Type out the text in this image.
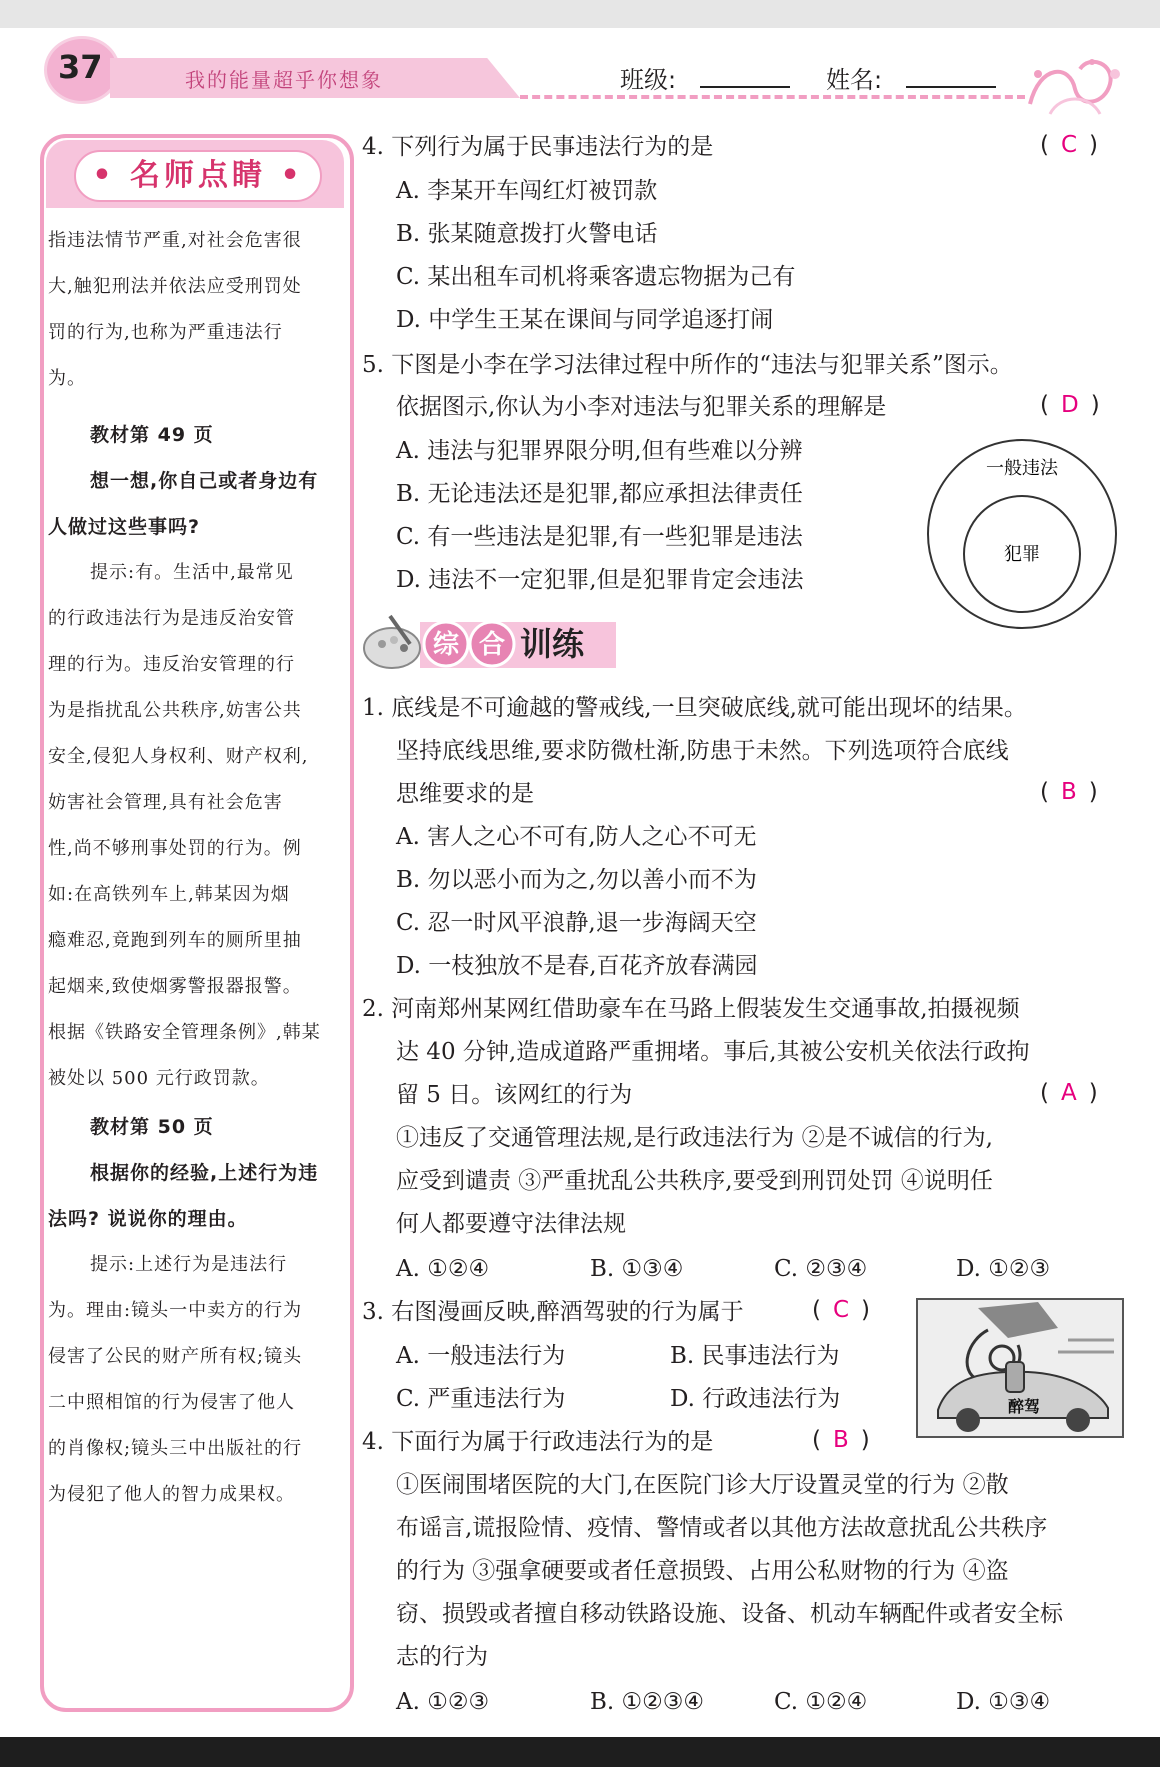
37	我的能量超乎你想象	班级:	姓名:
• 名师点睛 •
指违法情节严重,对社会危害很
大,触犯刑法并依法应受刑罚处
罚的行为,也称为严重违法行
为。
教材第 49 页
想一想,你自己或者身边有
人做过这些事吗?
提示:有。生活中,最常见
的行政违法行为是违反治安管
理的行为。违反治安管理的行
为是指扰乱公共秩序,妨害公共
安全,侵犯人身权利、财产权利,
妨害社会管理,具有社会危害
性,尚不够刑事处罚的行为。例
如:在高铁列车上,韩某因为烟
瘾难忍,竟跑到列车的厕所里抽
起烟来,致使烟雾警报器报警。
根据《铁路安全管理条例》,韩某
被处以 500 元行政罚款。
教材第 50 页
根据你的经验,上述行为违
法吗? 说说你的理由。
提示:上述行为是违法行
为。理由:镜头一中卖方的行为
侵害了公民的财产所有权;镜头
二中照相馆的行为侵害了他人
的肖像权;镜头三中出版社的行
为侵犯了他人的智力成果权。
4. 下列行为属于民事违法行为的是	( C )
A. 李某开车闯红灯被罚款
B. 张某随意拨打火警电话
C. 某出租车司机将乘客遗忘物据为己有
D. 中学生王某在课间与同学追逐打闹
5. 下图是小李在学习法律过程中所作的“违法与犯罪关系”图示。
依据图示,你认为小李对违法与犯罪关系的理解是	( D )
A. 违法与犯罪界限分明,但有些难以分辨
B. 无论违法还是犯罪,都应承担法律责任
C. 有一些违法是犯罪,有一些犯罪是违法
D. 违法不一定犯罪,但是犯罪肯定会违法
一般违法
犯罪
综 合 训练
1. 底线是不可逾越的警戒线,一旦突破底线,就可能出现坏的结果。
坚持底线思维,要求防微杜渐,防患于未然。下列选项符合底线
思维要求的是	( B )
A. 害人之心不可有,防人之心不可无
B. 勿以恶小而为之,勿以善小而不为
C. 忍一时风平浪静,退一步海阔天空
D. 一枝独放不是春,百花齐放春满园
2. 河南郑州某网红借助豪车在马路上假装发生交通事故,拍摄视频
达 40 分钟,造成道路严重拥堵。事后,其被公安机关依法行政拘
留 5 日。该网红的行为	( A )
①违反了交通管理法规,是行政违法行为 ②是不诚信的行为,
应受到谴责 ③严重扰乱公共秩序,要受到刑罚处罚 ④说明任
何人都要遵守法律法规
A. ①②④	B. ①③④	C. ②③④	D. ①②③
3. 右图漫画反映,醉酒驾驶的行为属于	( C )
A. 一般违法行为	B. 民事违法行为
C. 严重违法行为	D. 行政违法行为	醉驾
4. 下面行为属于行政违法行为的是	( B )
①医闹围堵医院的大门,在医院门诊大厅设置灵堂的行为 ②散
布谣言,谎报险情、疫情、警情或者以其他方法故意扰乱公共秩序
的行为 ③强拿硬要或者任意损毁、占用公私财物的行为 ④盗
窃、损毁或者擅自移动铁路设施、设备、机动车辆配件或者安全标
志的行为
A. ①②③	B. ①②③④	C. ①②④	D. ①③④
